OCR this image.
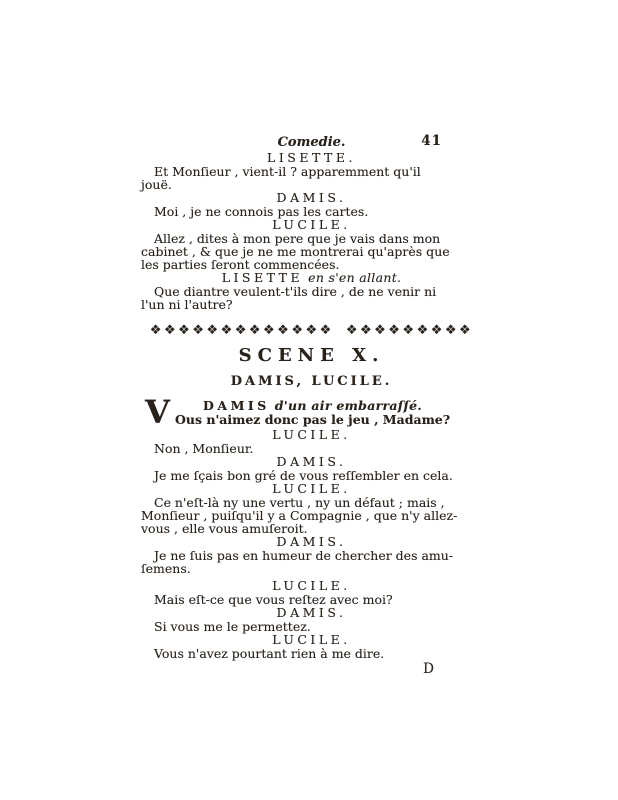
Comedie.	41
LISETTE.
Et Monſieur , vient-il ? apparemment qu'il
jouë.
DAMIS.
Moi , je ne connois pas les cartes.
LUCILE.
Allez , dites à mon pere que je vais dans mon
cabinet , & que je ne me montrerai qu'après que
les parties ſeront commencées.
LISETTE en s'en allant.
Que diantre veulent-t'ils dire , de ne venir ni
l'un ni l'autre?
❖❖❖❖❖❖❖❖❖❖❖❖❖ ❖❖❖❖❖❖❖❖❖
SCENE X.
DAMIS, LUCILE.
V	DAMIS d'un air embarraſſé.
Ous n'aimez donc pas le jeu , Madame?
LUCILE.
Non , Monſieur.
DAMIS.
Je me ſçais bon gré de vous reſſembler en cela.
LUCILE.
Ce n'eſt-là ny une vertu , ny un défaut ; mais ,
Monſieur , puiſqu'il y a Compagnie , que n'y allez-
vous , elle vous amuſeroit.
DAMIS.
Je ne ſuis pas en humeur de chercher des amu-
ſemens.
LUCILE.
Mais eſt-ce que vous reſtez avec moi?
DAMIS.
Si vous me le permettez.
LUCILE.
Vous n'avez pourtant rien à me dire.
D
